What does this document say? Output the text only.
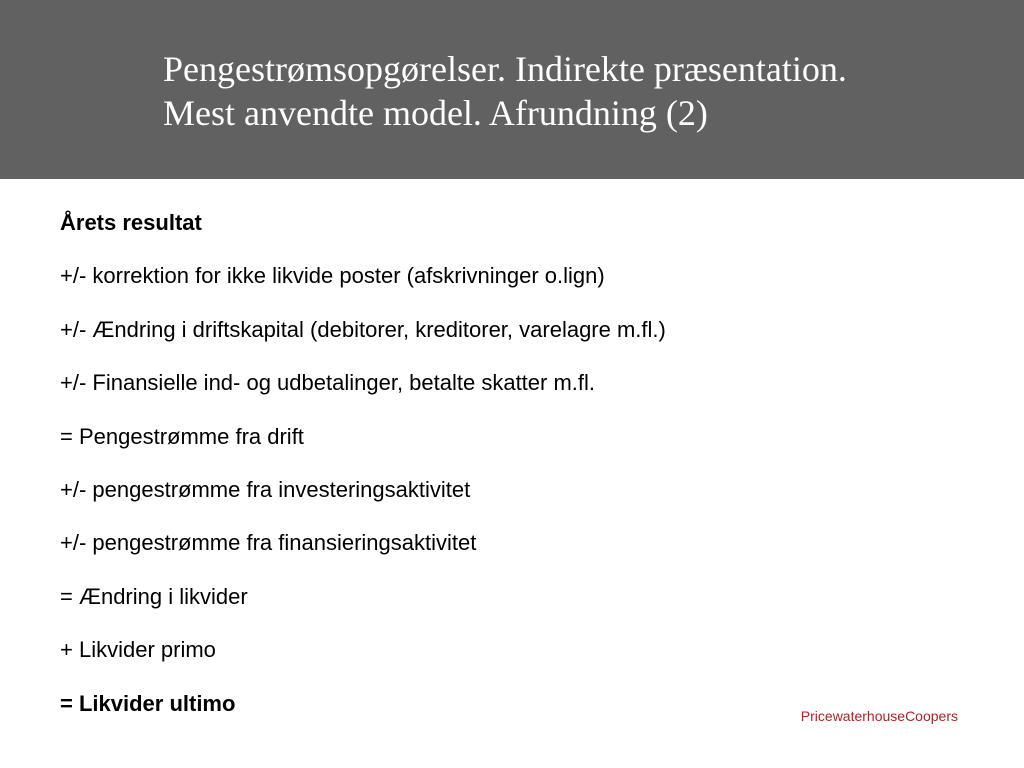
Pengestrømsopgørelser. Indirekte præsentation.
Mest anvendte model. Afrundning (2)
Årets resultat
+/- korrektion for ikke likvide poster (afskrivninger o.lign)
+/- Ændring i driftskapital (debitorer, kreditorer, varelagre m.fl.)
+/- Finansielle ind- og udbetalinger, betalte skatter m.fl.
= Pengestrømme fra drift
+/- pengestrømme fra investeringsaktivitet
+/- pengestrømme fra finansieringsaktivitet
= Ændring i likvider
+ Likvider primo
= Likvider ultimo
PricewaterhouseCoopers
